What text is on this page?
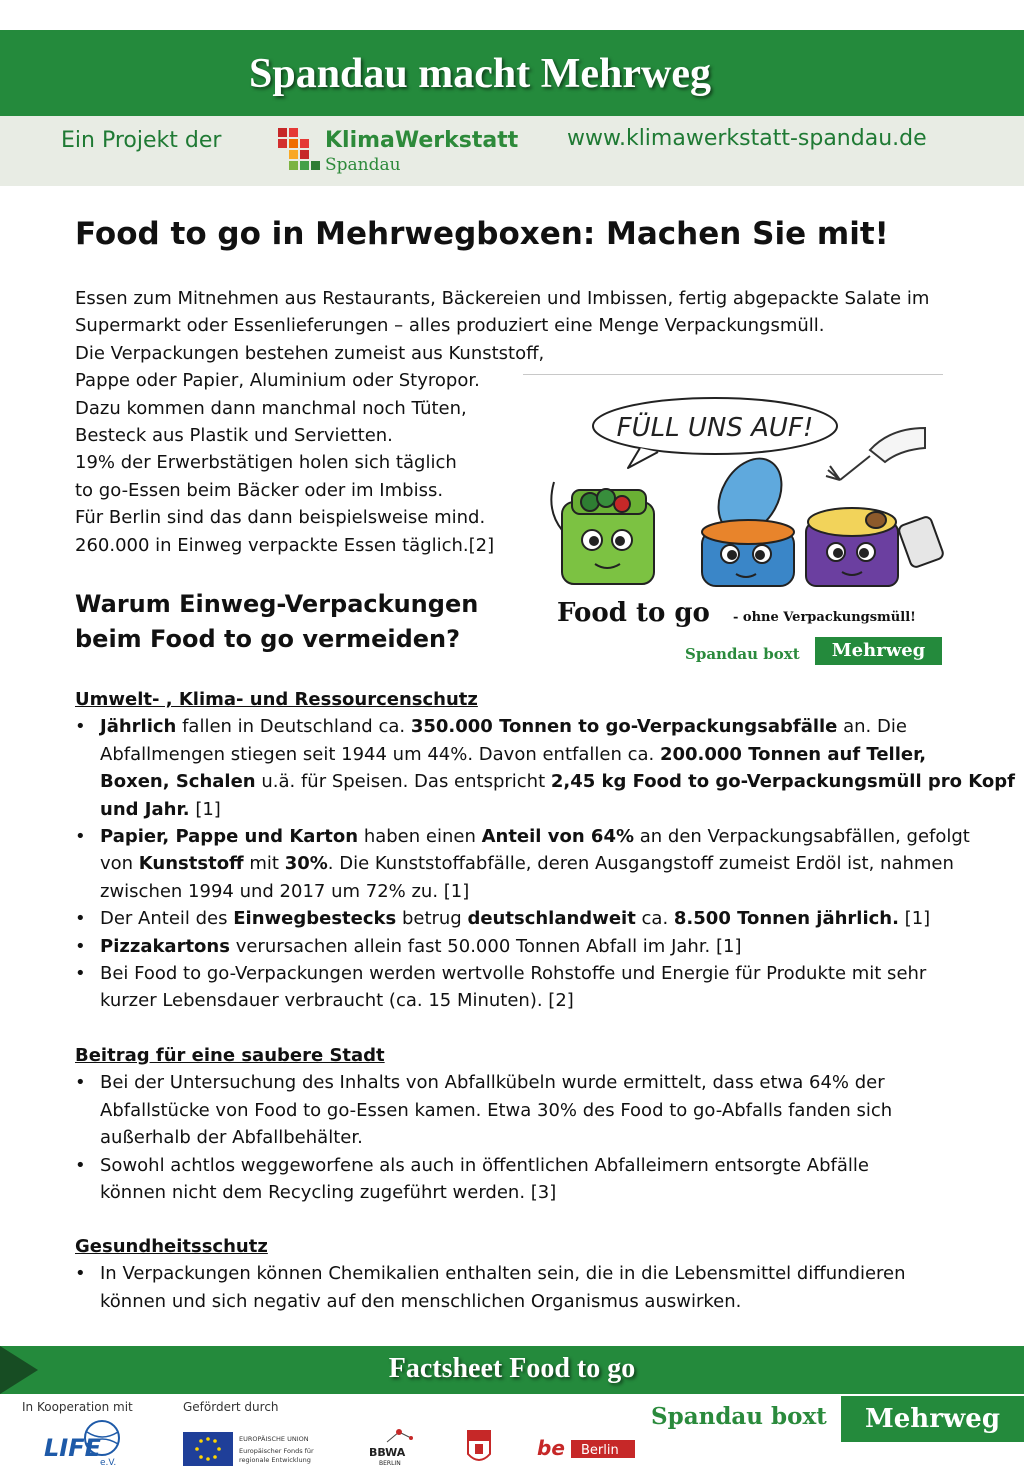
Spandau macht Mehrweg
Ein Projekt der	KlimaWerkstatt
Spandau
www.klimawerkstatt-spandau.de
Food to go in Mehrwegboxen: Machen Sie mit!
Essen zum Mitnehmen aus Restaurants, Bäckereien und Imbissen, fertig abgepackte Salate im
Supermarkt oder Essenlieferungen – alles produziert eine Menge Verpackungsmüll.
Die Verpackungen bestehen zumeist aus Kunststoff,
Pappe oder Papier, Aluminium oder Styropor.
Dazu kommen dann manchmal noch Tüten,
Besteck aus Plastik und Servietten.
19% der Erwerbstätigen holen sich täglich
to go-Essen beim Bäcker oder im Imbiss.
Für Berlin sind das dann beispielsweise mind.
260.000 in Einweg verpackte Essen täglich.[2]
Warum Einweg-Verpackungen
beim Food to go vermeiden?
FÜLL UNS AUF!
Food to go - ohne Verpackungsmüll!
Spandau boxt	Mehrweg
Umwelt- , Klima- und Ressourcenschutz
• Jährlich fallen in Deutschland ca. 350.000 Tonnen to go-Verpackungsabfälle an. Die
Abfallmengen stiegen seit 1944 um 44%. Davon entfallen ca. 200.000 Tonnen auf Teller,
Boxen, Schalen u.ä. für Speisen. Das entspricht 2,45 kg Food to go-Verpackungsmüll pro Kopf
und Jahr. [1]
• Papier, Pappe und Karton haben einen Anteil von 64% an den Verpackungsabfällen, gefolgt
von Kunststoff mit 30%. Die Kunststoffabfälle, deren Ausgangstoff zumeist Erdöl ist, nahmen
zwischen 1994 und 2017 um 72% zu. [1]
• Der Anteil des Einwegbestecks betrug deutschlandweit ca. 8.500 Tonnen jährlich. [1]
• Pizzakartons verursachen allein fast 50.000 Tonnen Abfall im Jahr. [1]
• Bei Food to go-Verpackungen werden wertvolle Rohstoffe und Energie für Produkte mit sehr
kurzer Lebensdauer verbraucht (ca. 15 Minuten). [2]
Beitrag für eine saubere Stadt
• Bei der Untersuchung des Inhalts von Abfallkübeln wurde ermittelt, dass etwa 64% der
Abfallstücke von Food to go-Essen kamen. Etwa 30% des Food to go-Abfalls fanden sich
außerhalb der Abfallbehälter.
• Sowohl achtlos weggeworfene als auch in öffentlichen Abfalleimern entsorgte Abfälle
können nicht dem Recycling zugeführt werden. [3]
Gesundheitsschutz
• In Verpackungen können Chemikalien enthalten sein, die in die Lebensmittel diffundieren
können und sich negativ auf den menschlichen Organismus auswirken.
Factsheet Food to go
In Kooperation mit	Gefördert durch
LIFE
e.V.
EUROPÄISCHE UNION
Europäischer Fonds für
regionale Entwicklung
BBWA
BERLIN
be Berlin
Spandau boxt	Mehrweg
